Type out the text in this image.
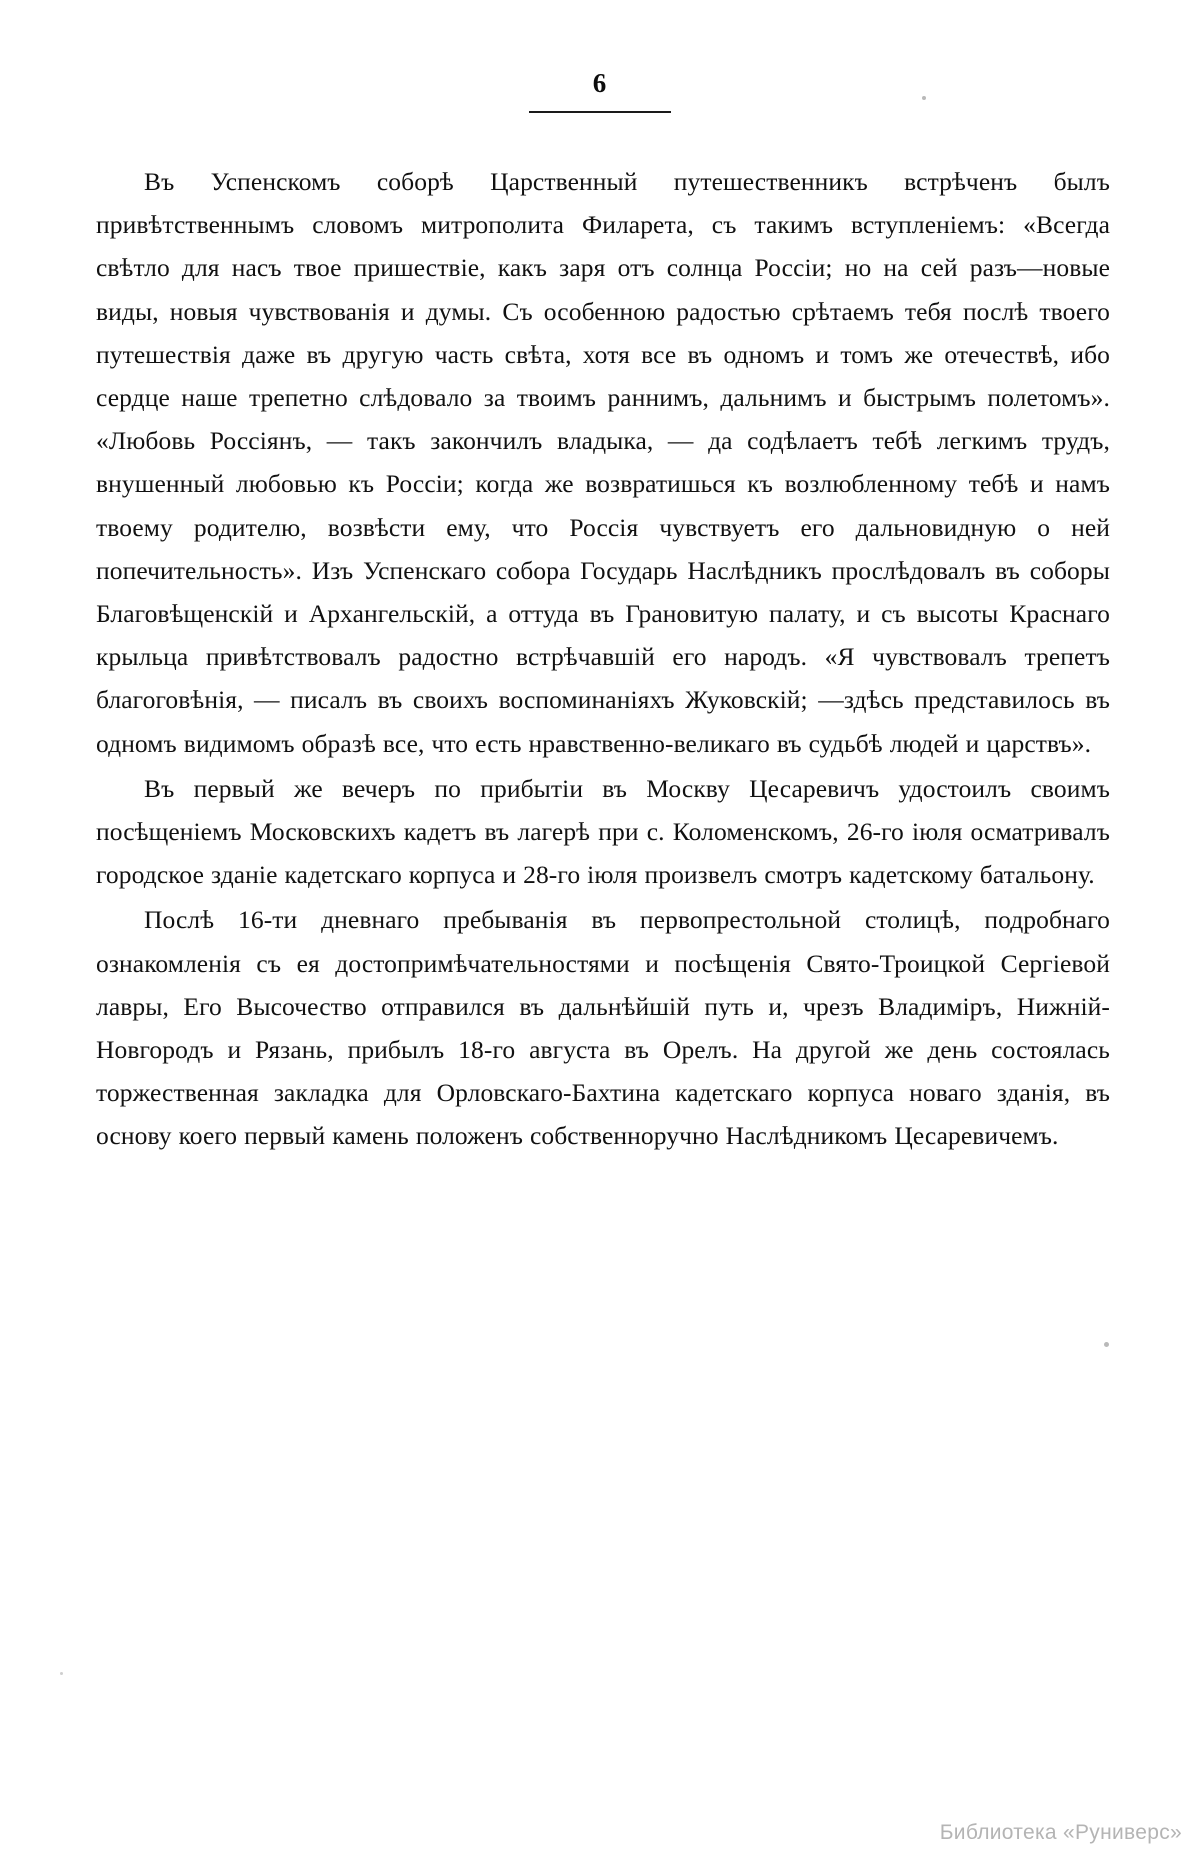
6

Въ Успенскомъ соборѣ Царственный путешественникъ встрѣченъ былъ привѣтственнымъ словомъ митрополита Филарета, съ такимъ вступленіемъ: «Всегда свѣтло для насъ твое пришествіе, какъ заря отъ солнца Россіи; но на сей разъ—новые виды, новыя чувствованія и думы. Съ особенною радостью срѣтаемъ тебя послѣ твоего путешествія даже въ другую часть свѣта, хотя все въ одномъ и томъ же отечествѣ, ибо сердце наше трепетно слѣдовало за твоимъ раннимъ, дальнимъ и быстрымъ полетомъ». «Любовь Россіянъ, — такъ закончилъ владыка, — да содѣлаетъ тебѣ легкимъ трудъ, внушенный любовью къ Россіи; когда же возвратишься къ возлюбленному тебѣ и намъ твоему родителю, возвѣсти ему, что Россія чувствуетъ его дальновидную о ней попечительность». Изъ Успенскаго собора Государь Наслѣдникъ прослѣдовалъ въ соборы Благовѣщенскій и Архангельскій, а оттуда въ Грановитую палату, и съ высоты Краснаго крыльца привѣтствовалъ радостно встрѣчавшій его народъ. «Я чувствовалъ трепетъ благоговѣнія, — писалъ въ своихъ воспоминаніяхъ Жуковскій; —здѣсь представилось въ одномъ видимомъ образѣ все, что есть нравственно-великаго въ судьбѣ людей и царствъ».

Въ первый же вечеръ по прибытіи въ Москву Цесаревичъ удостоилъ своимъ посѣщеніемъ Московскихъ кадетъ въ лагерѣ при с. Коломенскомъ, 26-го іюля осматривалъ городское зданіе кадетскаго корпуса и 28-го іюля произвелъ смотръ кадетскому батальону.

Послѣ 16-ти дневнаго пребыванія въ первопрестольной столицѣ, подробнаго ознакомленія съ ея достопримѣчательностями и посѣщенія Свято-Троицкой Сергіевой лавры, Его Высочество отправился въ дальнѣйшій путь и, чрезъ Владиміръ, Нижній-Новгородъ и Рязань, прибылъ 18-го августа въ Орелъ. На другой же день состоялась торжественная закладка для Орловскаго-Бахтина кадетскаго корпуса новаго зданія, въ основу коего первый камень положенъ собственноручно Наслѣдникомъ Цесаревичемъ.

Библиотека «Руниверс»
